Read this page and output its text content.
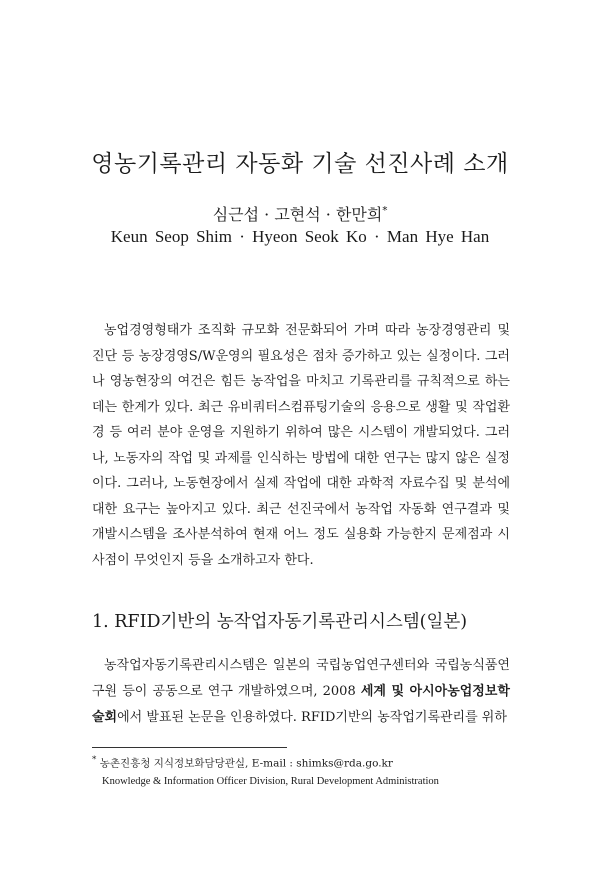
영농기록관리 자동화 기술 선진사례 소개
심근섭 · 고현석 · 한만희*
Keun Seop Shim · Hyeon Seok Ko · Man Hye Han
농업경영형태가 조직화 규모화 전문화되어 가며 따라 농장경영관리 및 진단 등 농장경영S/W운영의 필요성은 점차 증가하고 있는 실정이다. 그러나 영농현장의 여건은 힘든 농작업을 마치고 기록관리를 규칙적으로 하는 데는 한계가 있다. 최근 유비쿼터스컴퓨팅기술의 응용으로 생활 및 작업환경 등 여러 분야 운영을 지원하기 위하여 많은 시스템이 개발되었다. 그러나, 노동자의 작업 및 과제를 인식하는 방법에 대한 연구는 많지 않은 실정이다. 그러나, 노동현장에서 실제 작업에 대한 과학적 자료수집 및 분석에 대한 요구는 높아지고 있다. 최근 선진국에서 농작업 자동화 연구결과 및 개발시스템을 조사분석하여 현재 어느 정도 실용화 가능한지 문제점과 시사점이 무엇인지 등을 소개하고자 한다.
1. RFID기반의 농작업자동기록관리시스템(일본)
농작업자동기록관리시스템은 일본의 국립농업연구센터와 국립농식품연구원 등이 공동으로 연구 개발하였으며, 2008 세계 및 아시아농업정보학술회에서 발표된 논문을 인용하였다. RFID기반의 농작업기록관리를 위하
* 농촌진흥청 지식정보화담당관실, E-mail : shimks@rda.go.kr
Knowledge & Information Officer Division, Rural Development Administration
